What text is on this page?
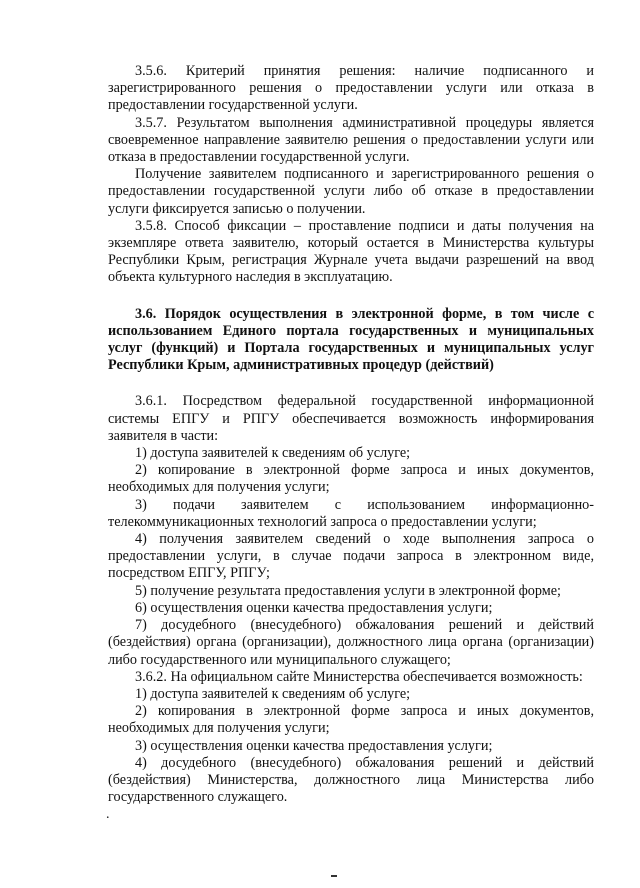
3.5.6. Критерий принятия решения: наличие подписанного и зарегистрированного решения о предоставлении услуги или отказа в предоставлении государственной услуги.

3.5.7. Результатом выполнения административной процедуры является своевременное направление заявителю решения о предоставлении услуги или отказа в предоставлении государственной услуги.

Получение заявителем подписанного и зарегистрированного решения о предоставлении государственной услуги либо об отказе в предоставлении услуги фиксируется записью о получении.

3.5.8. Способ фиксации – проставление подписи и даты получения на экземпляре ответа заявителю, который остается в Министерства культуры Республики Крым, регистрация Журнале учета выдачи разрешений на ввод объекта культурного наследия в эксплуатацию.

3.6. Порядок осуществления в электронной форме, в том числе с использованием Единого портала государственных и муниципальных услуг (функций) и Портала государственных и муниципальных услуг Республики Крым, административных процедур (действий)

3.6.1. Посредством федеральной государственной информационной системы ЕПГУ и РПГУ обеспечивается возможность информирования заявителя в части:

1) доступа заявителей к сведениям об услуге;

2) копирование в электронной форме запроса и иных документов, необходимых для получения услуги;

3) подачи заявителем с использованием информационно-телекоммуникационных технологий запроса о предоставлении услуги;

4) получения заявителем сведений о ходе выполнения запроса о предоставлении услуги, в случае подачи запроса в электронном виде, посредством ЕПГУ, РПГУ;

5) получение результата предоставления услуги в электронной форме;

6) осуществления оценки качества предоставления услуги;

7) досудебного (внесудебного) обжалования решений и действий (бездействия) органа (организации), должностного лица органа (организации) либо государственного или муниципального служащего;

3.6.2. На официальном сайте Министерства обеспечивается возможность:

1) доступа заявителей к сведениям об услуге;

2) копирования в электронной форме запроса и иных документов, необходимых для получения услуги;

3) осуществления оценки качества предоставления услуги;

4) досудебного (внесудебного) обжалования решений и действий (бездействия) Министерства, должностного лица Министерства либо государственного служащего.

.
